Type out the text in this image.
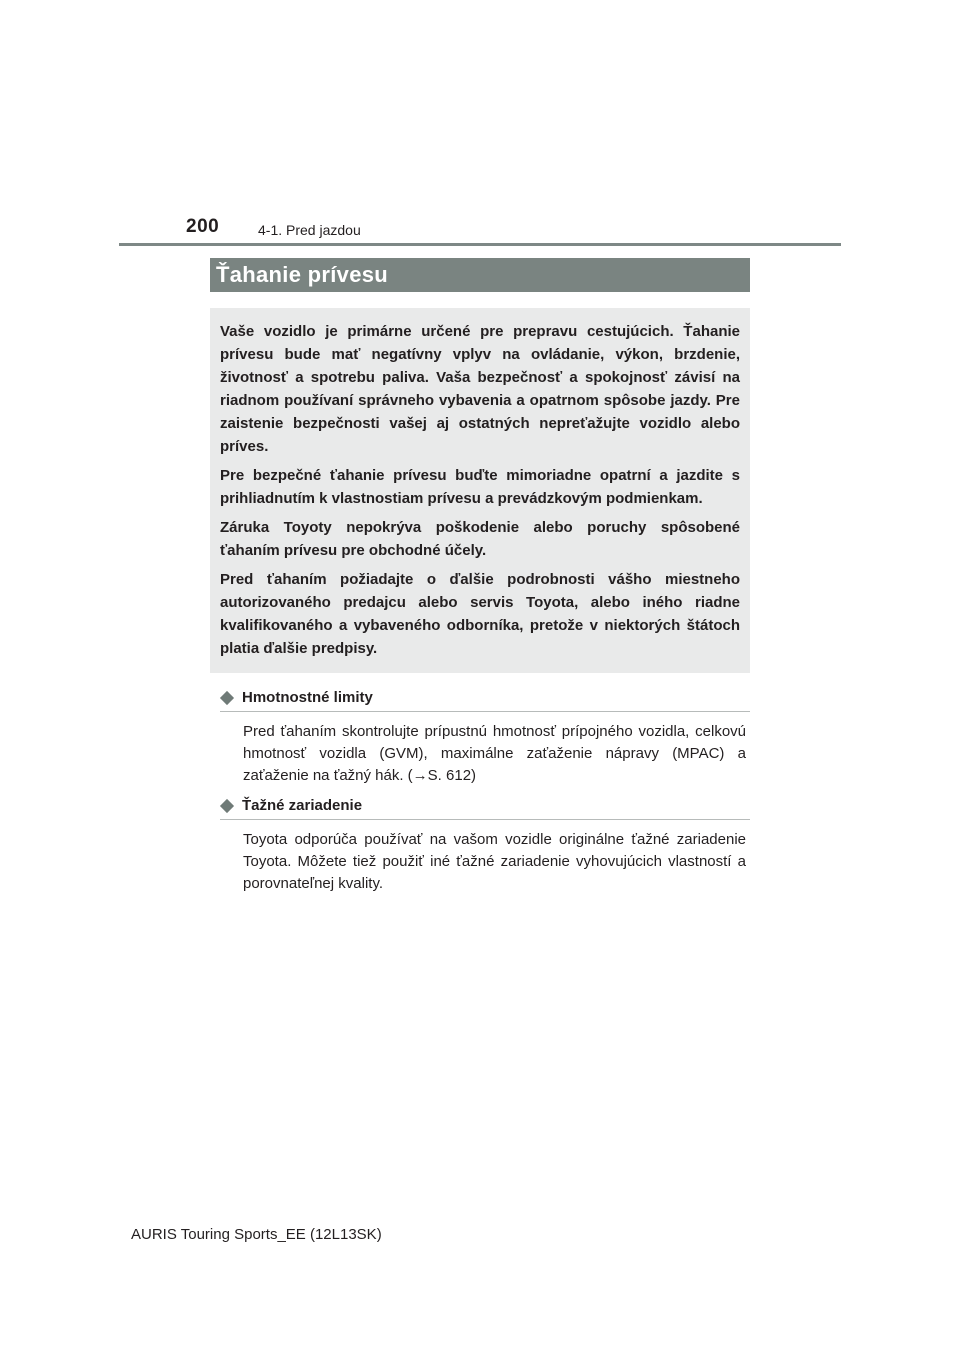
200	4-1. Pred jazdou
Ťahanie prívesu

Vaše vozidlo je primárne určené pre prepravu cestujúcich. Ťahanie prívesu bude mať negatívny vplyv na ovládanie, výkon, brzdenie, životnosť a spotrebu paliva. Vaša bezpečnosť a spokojnosť závisí na riadnom používaní správneho vybavenia a opatrnom spôsobe jazdy. Pre zaistenie bezpečnosti vašej aj ostatných nepreťažujte vozidlo alebo príves.

Pre bezpečné ťahanie prívesu buďte mimoriadne opatrní a jazdite s prihliadnutím k vlastnostiam prívesu a prevádzkovým podmienkam.

Záruka Toyoty nepokrýva poškodenie alebo poruchy spôsobené ťahaním prívesu pre obchodné účely.

Pred ťahaním požiadajte o ďalšie podrobnosti vášho miestneho autorizovaného predajcu alebo servis Toyota, alebo iného riadne kvalifikovaného a vybaveného odborníka, pretože v niektorých štátoch platia ďalšie predpisy.

Hmotnostné limity

Pred ťahaním skontrolujte prípustnú hmotnosť prípojného vozidla, celkovú hmotnosť vozidla (GVM), maximálne zaťaženie nápravy (MPAC) a zaťaženie na ťažný hák. (→S. 612)

Ťažné zariadenie

Toyota odporúča používať na vašom vozidle originálne ťažné zariadenie Toyota. Môžete tiež použiť iné ťažné zariadenie vyhovujúcich vlastností a porovnateľnej kvality.

AURIS Touring Sports_EE (12L13SK)
